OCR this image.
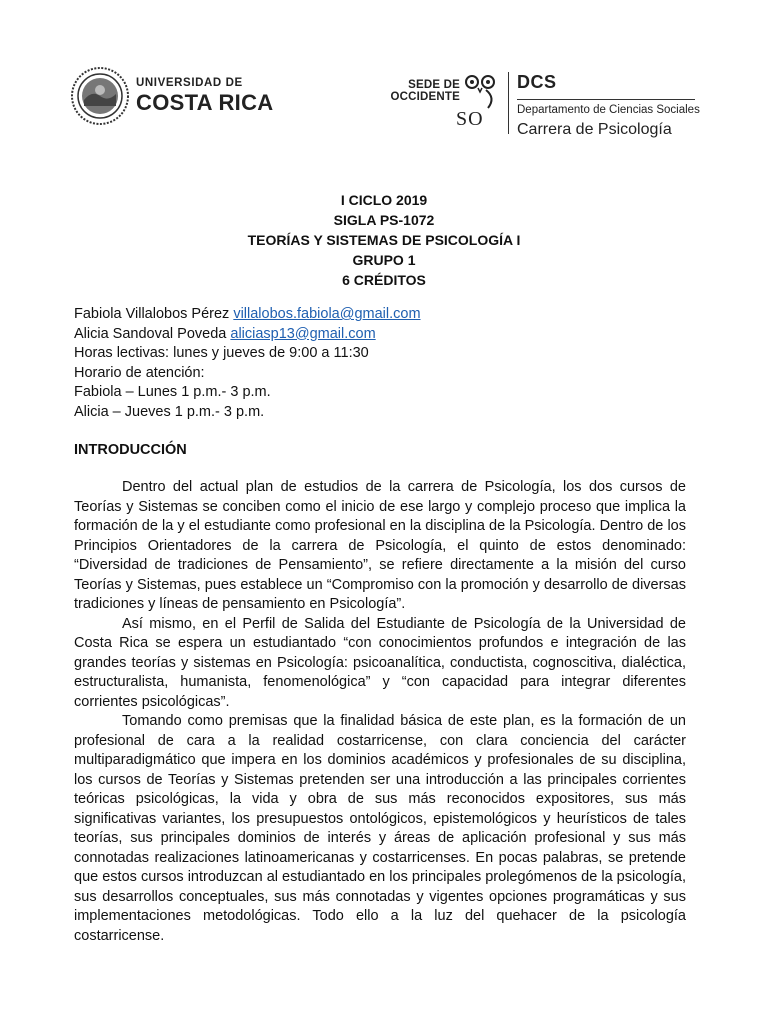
UNIVERSIDAD DE
COSTA RICA
SEDE DE
OCCIDENTE
SO
DCS
Departamento de Ciencias Sociales
Carrera de Psicología
I CICLO 2019
SIGLA PS-1072
TEORÍAS Y SISTEMAS DE PSICOLOGÍA I
GRUPO 1
6 CRÉDITOS
Fabiola Villalobos Pérez villalobos.fabiola@gmail.com
Alicia Sandoval Poveda aliciasp13@gmail.com
Horas lectivas: lunes y jueves de 9:00 a 11:30
Horario de atención:
Fabiola – Lunes 1 p.m.- 3 p.m.
Alicia – Jueves 1 p.m.- 3 p.m.
INTRODUCCIÓN

Dentro del actual plan de estudios de la carrera de Psicología, los dos cursos de Teorías y Sistemas se conciben como el inicio de ese largo y complejo proceso que implica la formación de la y el estudiante como profesional en la disciplina de la Psicología. Dentro de los Principios Orientadores de la carrera de Psicología, el quinto de estos denominado: “Diversidad de tradiciones de Pensamiento”, se refiere directamente a la misión del curso Teorías y Sistemas, pues establece un “Compromiso con la promoción y desarrollo de diversas tradiciones y líneas de pensamiento en Psicología”.

Así mismo, en el Perfil de Salida del Estudiante de Psicología de la Universidad de Costa Rica se espera un estudiantado “con conocimientos profundos e integración de las grandes teorías y sistemas en Psicología: psicoanalítica, conductista, cognoscitiva, dialéctica, estructuralista, humanista, fenomenológica” y “con capacidad para integrar diferentes corrientes psicológicas”.

Tomando como premisas que la finalidad básica de este plan, es la formación de un profesional de cara a la realidad costarricense, con clara conciencia del carácter multiparadigmático que impera en los dominios académicos y profesionales de su disciplina, los cursos de Teorías y Sistemas pretenden ser una introducción a las principales corrientes teóricas psicológicas, la vida y obra de sus más reconocidos expositores, sus más significativas variantes, los presupuestos ontológicos, epistemológicos y heurísticos de tales teorías, sus principales dominios de interés y áreas de aplicación profesional y sus más connotadas realizaciones latinoamericanas y costarricenses. En pocas palabras, se pretende que estos cursos introduzcan al estudiantado en los principales prolegómenos de la psicología, sus desarrollos conceptuales, sus más connotadas y vigentes opciones programáticas y sus implementaciones metodológicas. Todo ello a la luz del quehacer de la psicología costarricense.
